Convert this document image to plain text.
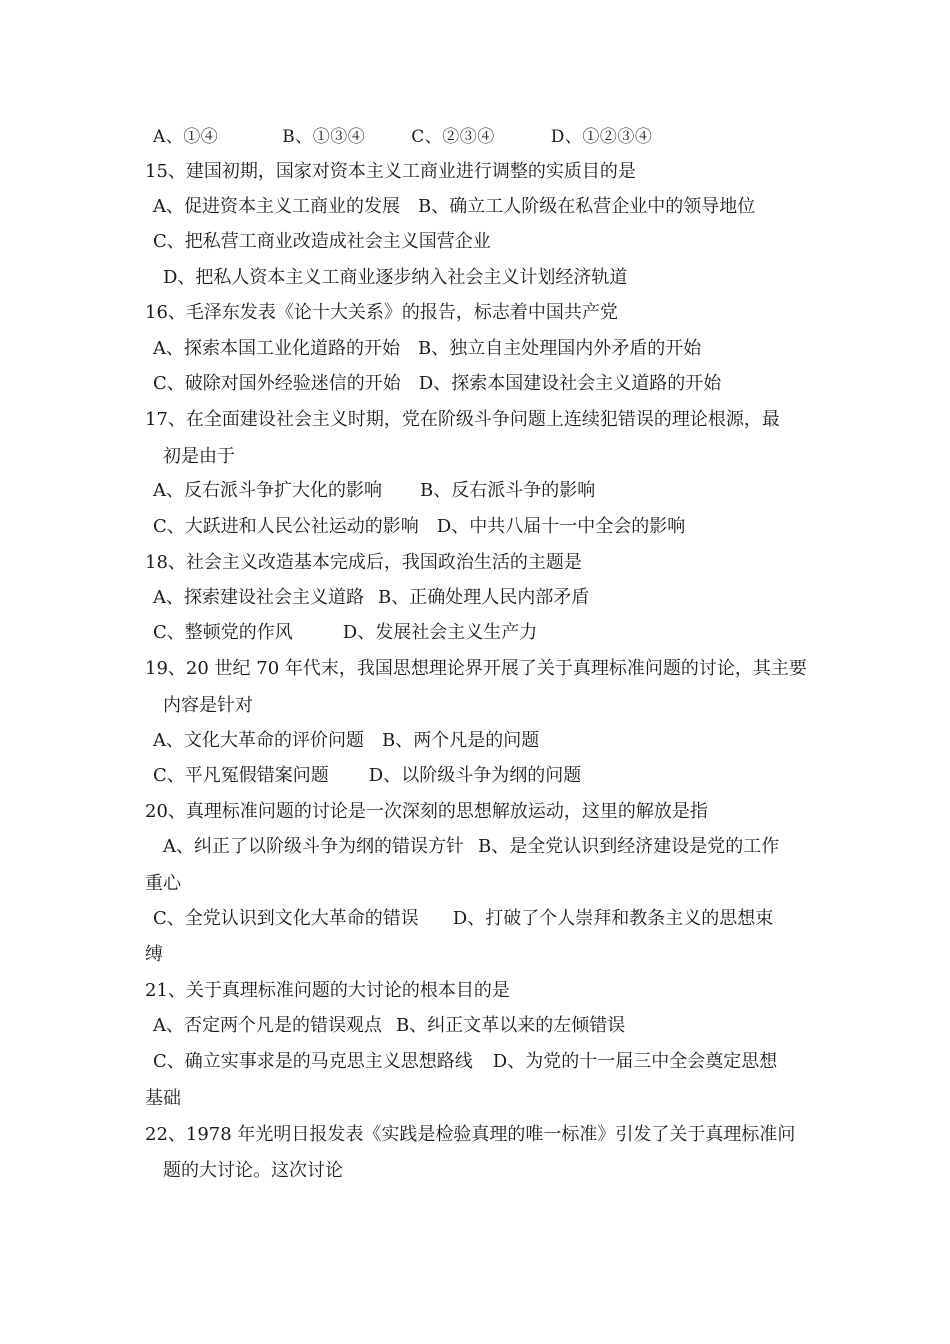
A、①④	B、①③④	C、②③④	D、①②③④
15、建国初期，国家对资本主义工商业进行调整的实质目的是
A、促进资本主义工商业的发展 B、确立工人阶级在私营企业中的领导地位
C、把私营工商业改造成社会主义国营企业
D、把私人资本主义工商业逐步纳入社会主义计划经济轨道
16、毛泽东发表《论十大关系》的报告，标志着中国共产党
A、探索本国工业化道路的开始 B、独立自主处理国内外矛盾的开始
C、破除对国外经验迷信的开始 D、探索本国建设社会主义道路的开始
17、在全面建设社会主义时期，党在阶级斗争问题上连续犯错误的理论根源，最
初是由于
A、反右派斗争扩大化的影响 B、反右派斗争的影响
C、大跃进和人民公社运动的影响 D、中共八届十一中全会的影响
18、社会主义改造基本完成后，我国政治生活的主题是
A、探索建设社会主义道路 B、正确处理人民内部矛盾
C、整顿党的作风	D、发展社会主义生产力
19、20 世纪 70 年代末，我国思想理论界开展了关于真理标准问题的讨论，其主要
内容是针对
A、文化大革命的评价问题 B、两个凡是的问题
C、平凡冤假错案问题 D、以阶级斗争为纲的问题
20、真理标准问题的讨论是一次深刻的思想解放运动，这里的解放是指
A、纠正了以阶级斗争为纲的错误方针 B、是全党认识到经济建设是党的工作
重心
C、全党认识到文化大革命的错误 D、打破了个人崇拜和教条主义的思想束
缚
21、关于真理标准问题的大讨论的根本目的是
A、否定两个凡是的错误观点 B、纠正文革以来的左倾错误
C、确立实事求是的马克思主义思想路线 D、为党的十一届三中全会奠定思想
基础
22、1978 年光明日报发表《实践是检验真理的唯一标准》引发了关于真理标准问
题的大讨论。这次讨论
